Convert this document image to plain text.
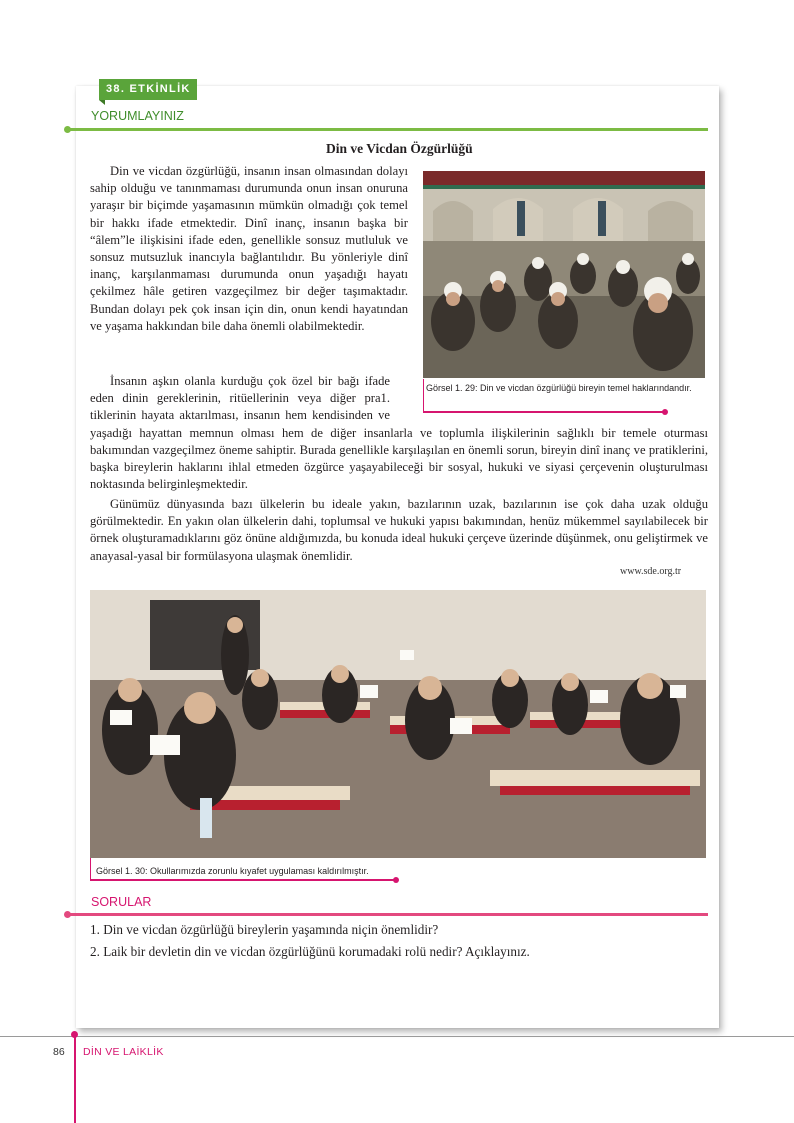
38. ETKİNLİK
YORUMLAYINIZ
Din ve Vicdan Özgürlüğü
Din ve vicdan özgürlüğü, insanın insan olmasından dolayı sahip olduğu ve tanınmaması durumunda onun insan onuruna yaraşır bir biçimde yaşamasının mümkün olmadığı çok temel bir hakkı ifade etmektedir. Dinî inanç, insanın başka bir “âlem”le ilişkisini ifade eden, genellikle sonsuz mutluluk ve sonsuz mutsuzluk inancıyla bağlantılıdır. Bu yönleriyle dinî inanç, karşılanmaması durumunda onun yaşadığı hayatı çekilmez hâle getiren vazgeçilmez bir değer taşımaktadır. Bundan dolayı pek çok insan için din, onun kendi hayatından ve yaşama hakkından bile daha önemli olabilmektedir.
Görsel 1. 29: Din ve vicdan özgürlüğü bireyin temel haklarındandır.
İnsanın aşkın olanla kurduğu çok özel bir bağı ifade eden dinin gereklerinin, ritüellerinin veya diğer pra1. tiklerinin hayata aktarılması, insanın hem kendisinden ve yaşadığı hayattan memnun olması hem de diğer insanlarla ve toplumla ilişkilerinin sağlıklı bir temele oturması bakımından vazgeçilmez öneme sahiptir. Burada genellikle karşılaşılan en önemli sorun, bireyin dinî inanç ve pratiklerini, başka bireylerin haklarını ihlal etmeden özgürce yaşayabileceği bir sosyal, hukuki ve siyasi çerçevenin oluşturulması noktasında belirginleşmektedir.
Günümüz dünyasında bazı ülkelerin bu ideale yakın, bazılarının uzak, bazılarının ise çok daha uzak olduğu görülmektedir. En yakın olan ülkelerin dahi, toplumsal ve hukuki yapısı bakımından, henüz mükemmel sayılabilecek bir örnek oluşturamadıklarını göz önüne aldığımızda, bu konuda ideal hukuki çerçeve üzerinde düşünmek, onu geliştirmek ve anayasal-yasal bir formülasyona ulaşmak önemlidir.
www.sde.org.tr
Görsel 1. 30: Okullarımızda zorunlu kıyafet uygulaması kaldırılmıştır.
SORULAR
1. Din ve vicdan özgürlüğü bireylerin yaşamında niçin önemlidir?
2. Laik bir devletin din ve vicdan özgürlüğünü korumadaki rolü nedir? Açıklayınız.
86 DİN VE LAİKLİK
